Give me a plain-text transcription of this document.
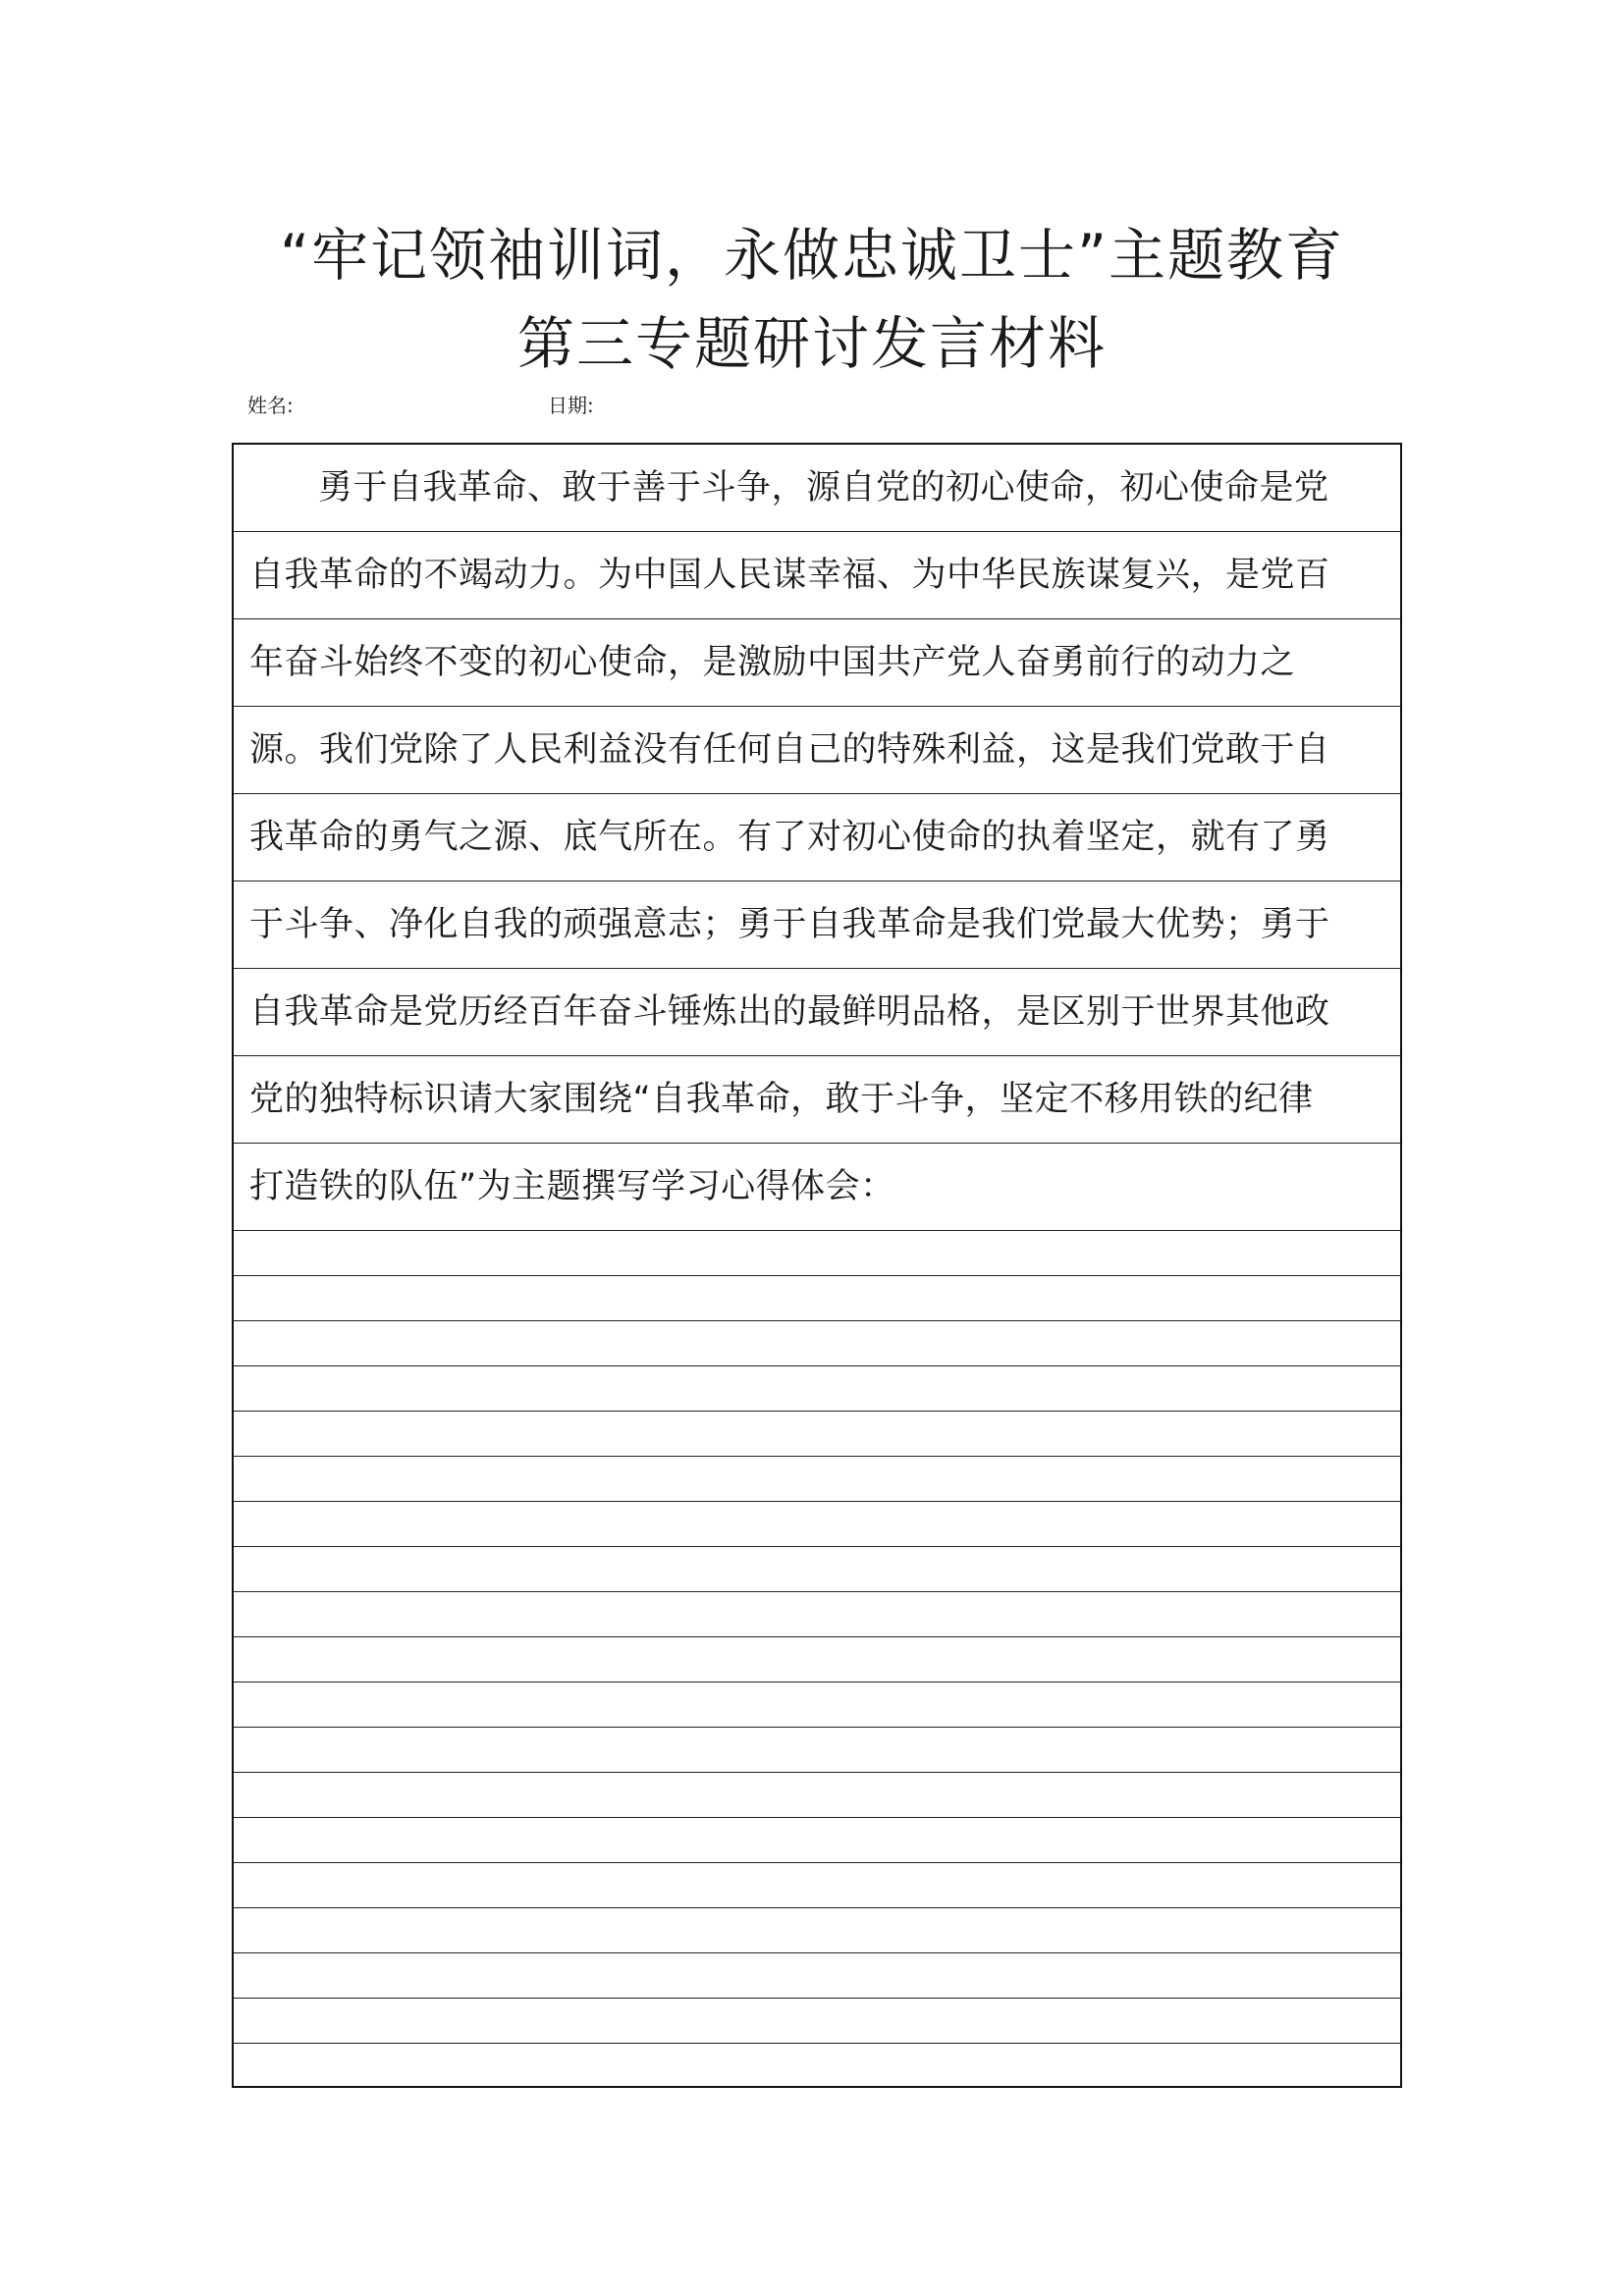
“牢记领袖训词，永做忠诚卫士”主题教育
第三专题研讨发言材料
姓名:	日期:
勇于自我革命、敢于善于斗争，源自党的初心使命，初心使命是党
自我革命的不竭动力。为中国人民谋幸福、为中华民族谋复兴，是党百
年奋斗始终不变的初心使命，是激励中国共产党人奋勇前行的动力之
源。我们党除了人民利益没有任何自己的特殊利益，这是我们党敢于自
我革命的勇气之源、底气所在。有了对初心使命的执着坚定，就有了勇
于斗争、净化自我的顽强意志；勇于自我革命是我们党最大优势；勇于
自我革命是党历经百年奋斗锤炼出的最鲜明品格，是区别于世界其他政
党的独特标识请大家围绕“自我革命，敢于斗争，坚定不移用铁的纪律
打造铁的队伍”为主题撰写学习心得体会：
